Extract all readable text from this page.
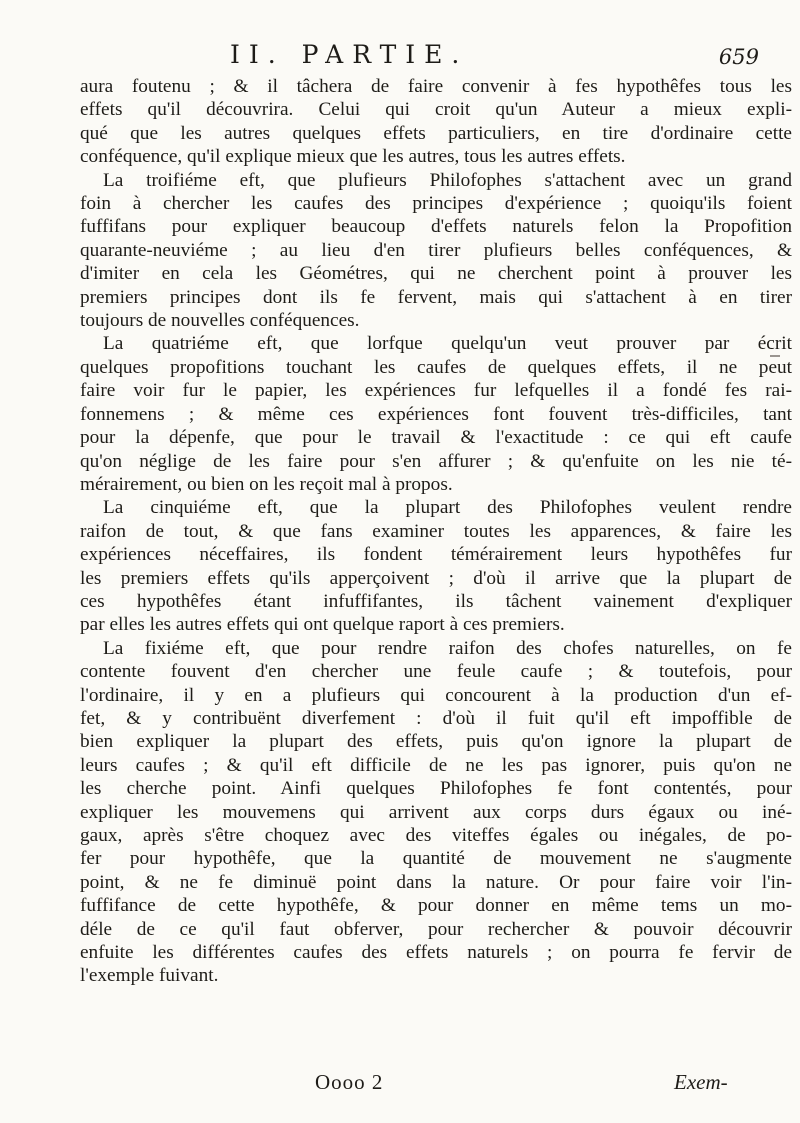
II. PARTIE.	659
aura foutenu ; & il tâchera de faire convenir à fes hypothêfes tous les
effets qu'il découvrira. Celui qui croit qu'un Auteur a mieux expli-
qué que les autres quelques effets particuliers, en tire d'ordinaire cette
conféquence, qu'il explique mieux que les autres, tous les autres effets.
La troifiéme eft, que plufieurs Philofophes s'attachent avec un grand
foin à chercher les caufes des principes d'expérience ; quoiqu'ils foient
fuffifans pour expliquer beaucoup d'effets naturels felon la Propofition
quarante-neuviéme ; au lieu d'en tirer plufieurs belles conféquences, &
d'imiter en cela les Géométres, qui ne cherchent point à prouver les
premiers principes dont ils fe fervent, mais qui s'attachent à en tirer
toujours de nouvelles conféquences.
La quatriéme eft, que lorfque quelqu'un veut prouver par écrit
quelques propofitions touchant les caufes de quelques effets, il ne peut
faire voir fur le papier, les expériences fur lefquelles il a fondé fes rai-
fonnemens ; & même ces expériences font fouvent très-difficiles, tant
pour la dépenfe, que pour le travail & l'exactitude : ce qui eft caufe
qu'on néglige de les faire pour s'en affurer ; & qu'enfuite on les nie té-
mérairement, ou bien on les reçoit mal à propos.
La cinquiéme eft, que la plupart des Philofophes veulent rendre
raifon de tout, & que fans examiner toutes les apparences, & faire les
expériences néceffaires, ils fondent témérairement leurs hypothêfes fur
les premiers effets qu'ils apperçoivent ; d'où il arrive que la plupart de
ces hypothêfes étant infuffifantes, ils tâchent vainement d'expliquer
par elles les autres effets qui ont quelque raport à ces premiers.
La fixiéme eft, que pour rendre raifon des chofes naturelles, on fe
contente fouvent d'en chercher une feule caufe ; & toutefois, pour
l'ordinaire, il y en a plufieurs qui concourent à la production d'un ef-
fet, & y contribuënt diverfement : d'où il fuit qu'il eft impoffible de
bien expliquer la plupart des effets, puis qu'on ignore la plupart de
leurs caufes ; & qu'il eft difficile de ne les pas ignorer, puis qu'on ne
les cherche point. Ainfi quelques Philofophes fe font contentés, pour
expliquer les mouvemens qui arrivent aux corps durs égaux ou iné-
gaux, après s'être choquez avec des viteffes égales ou inégales, de po-
fer pour hypothêfe, que la quantité de mouvement ne s'augmente
point, & ne fe diminuë point dans la nature. Or pour faire voir l'in-
fuffifance de cette hypothêfe, & pour donner en même tems un mo-
déle de ce qu'il faut obferver, pour rechercher & pouvoir découvrir
enfuite les différentes caufes des effets naturels ; on pourra fe fervir de
l'exemple fuivant.
Oooo 2	Exem-
